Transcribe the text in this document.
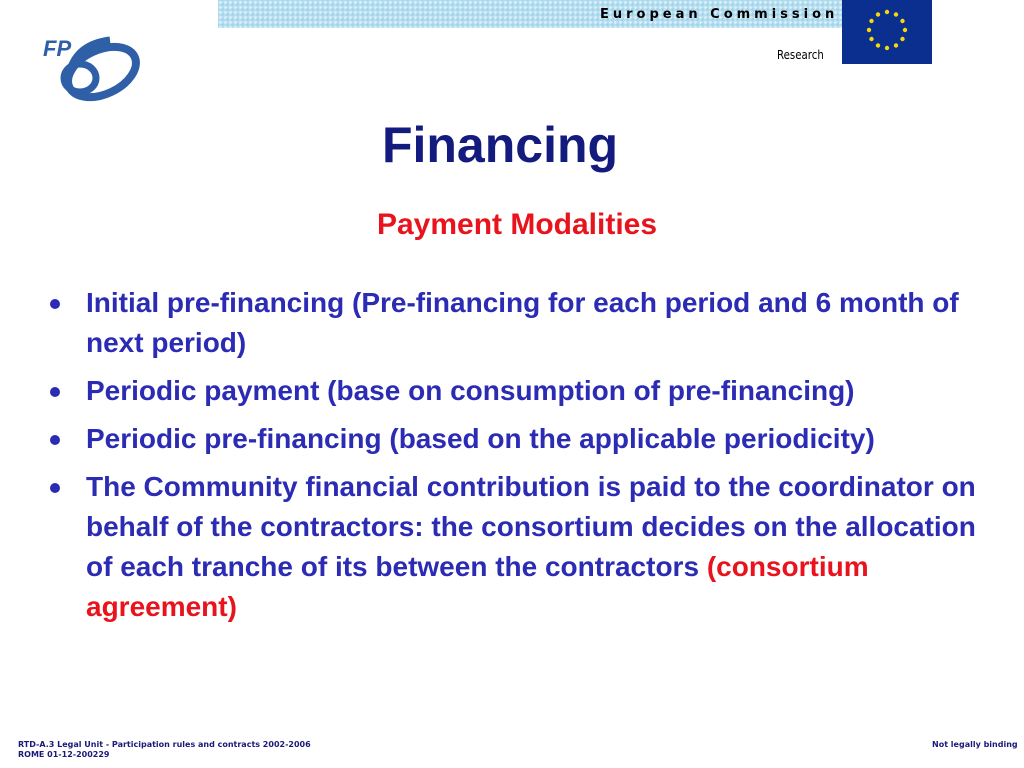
European Commission
Research
FP
Financing
Payment Modalities
Initial pre-financing (Pre-financing for each period and 6 month of next period)
Periodic payment (base on consumption of pre-financing)
Periodic pre-financing (based on the applicable periodicity)
The Community financial contribution is paid to the coordinator on behalf of the contractors: the consortium decides on the allocation of each tranche of its between the contractors (consortium agreement)
RTD-A.3 Legal Unit - Participation rules and contracts 2002-2006
ROME 01-12-200229
Not legally binding
